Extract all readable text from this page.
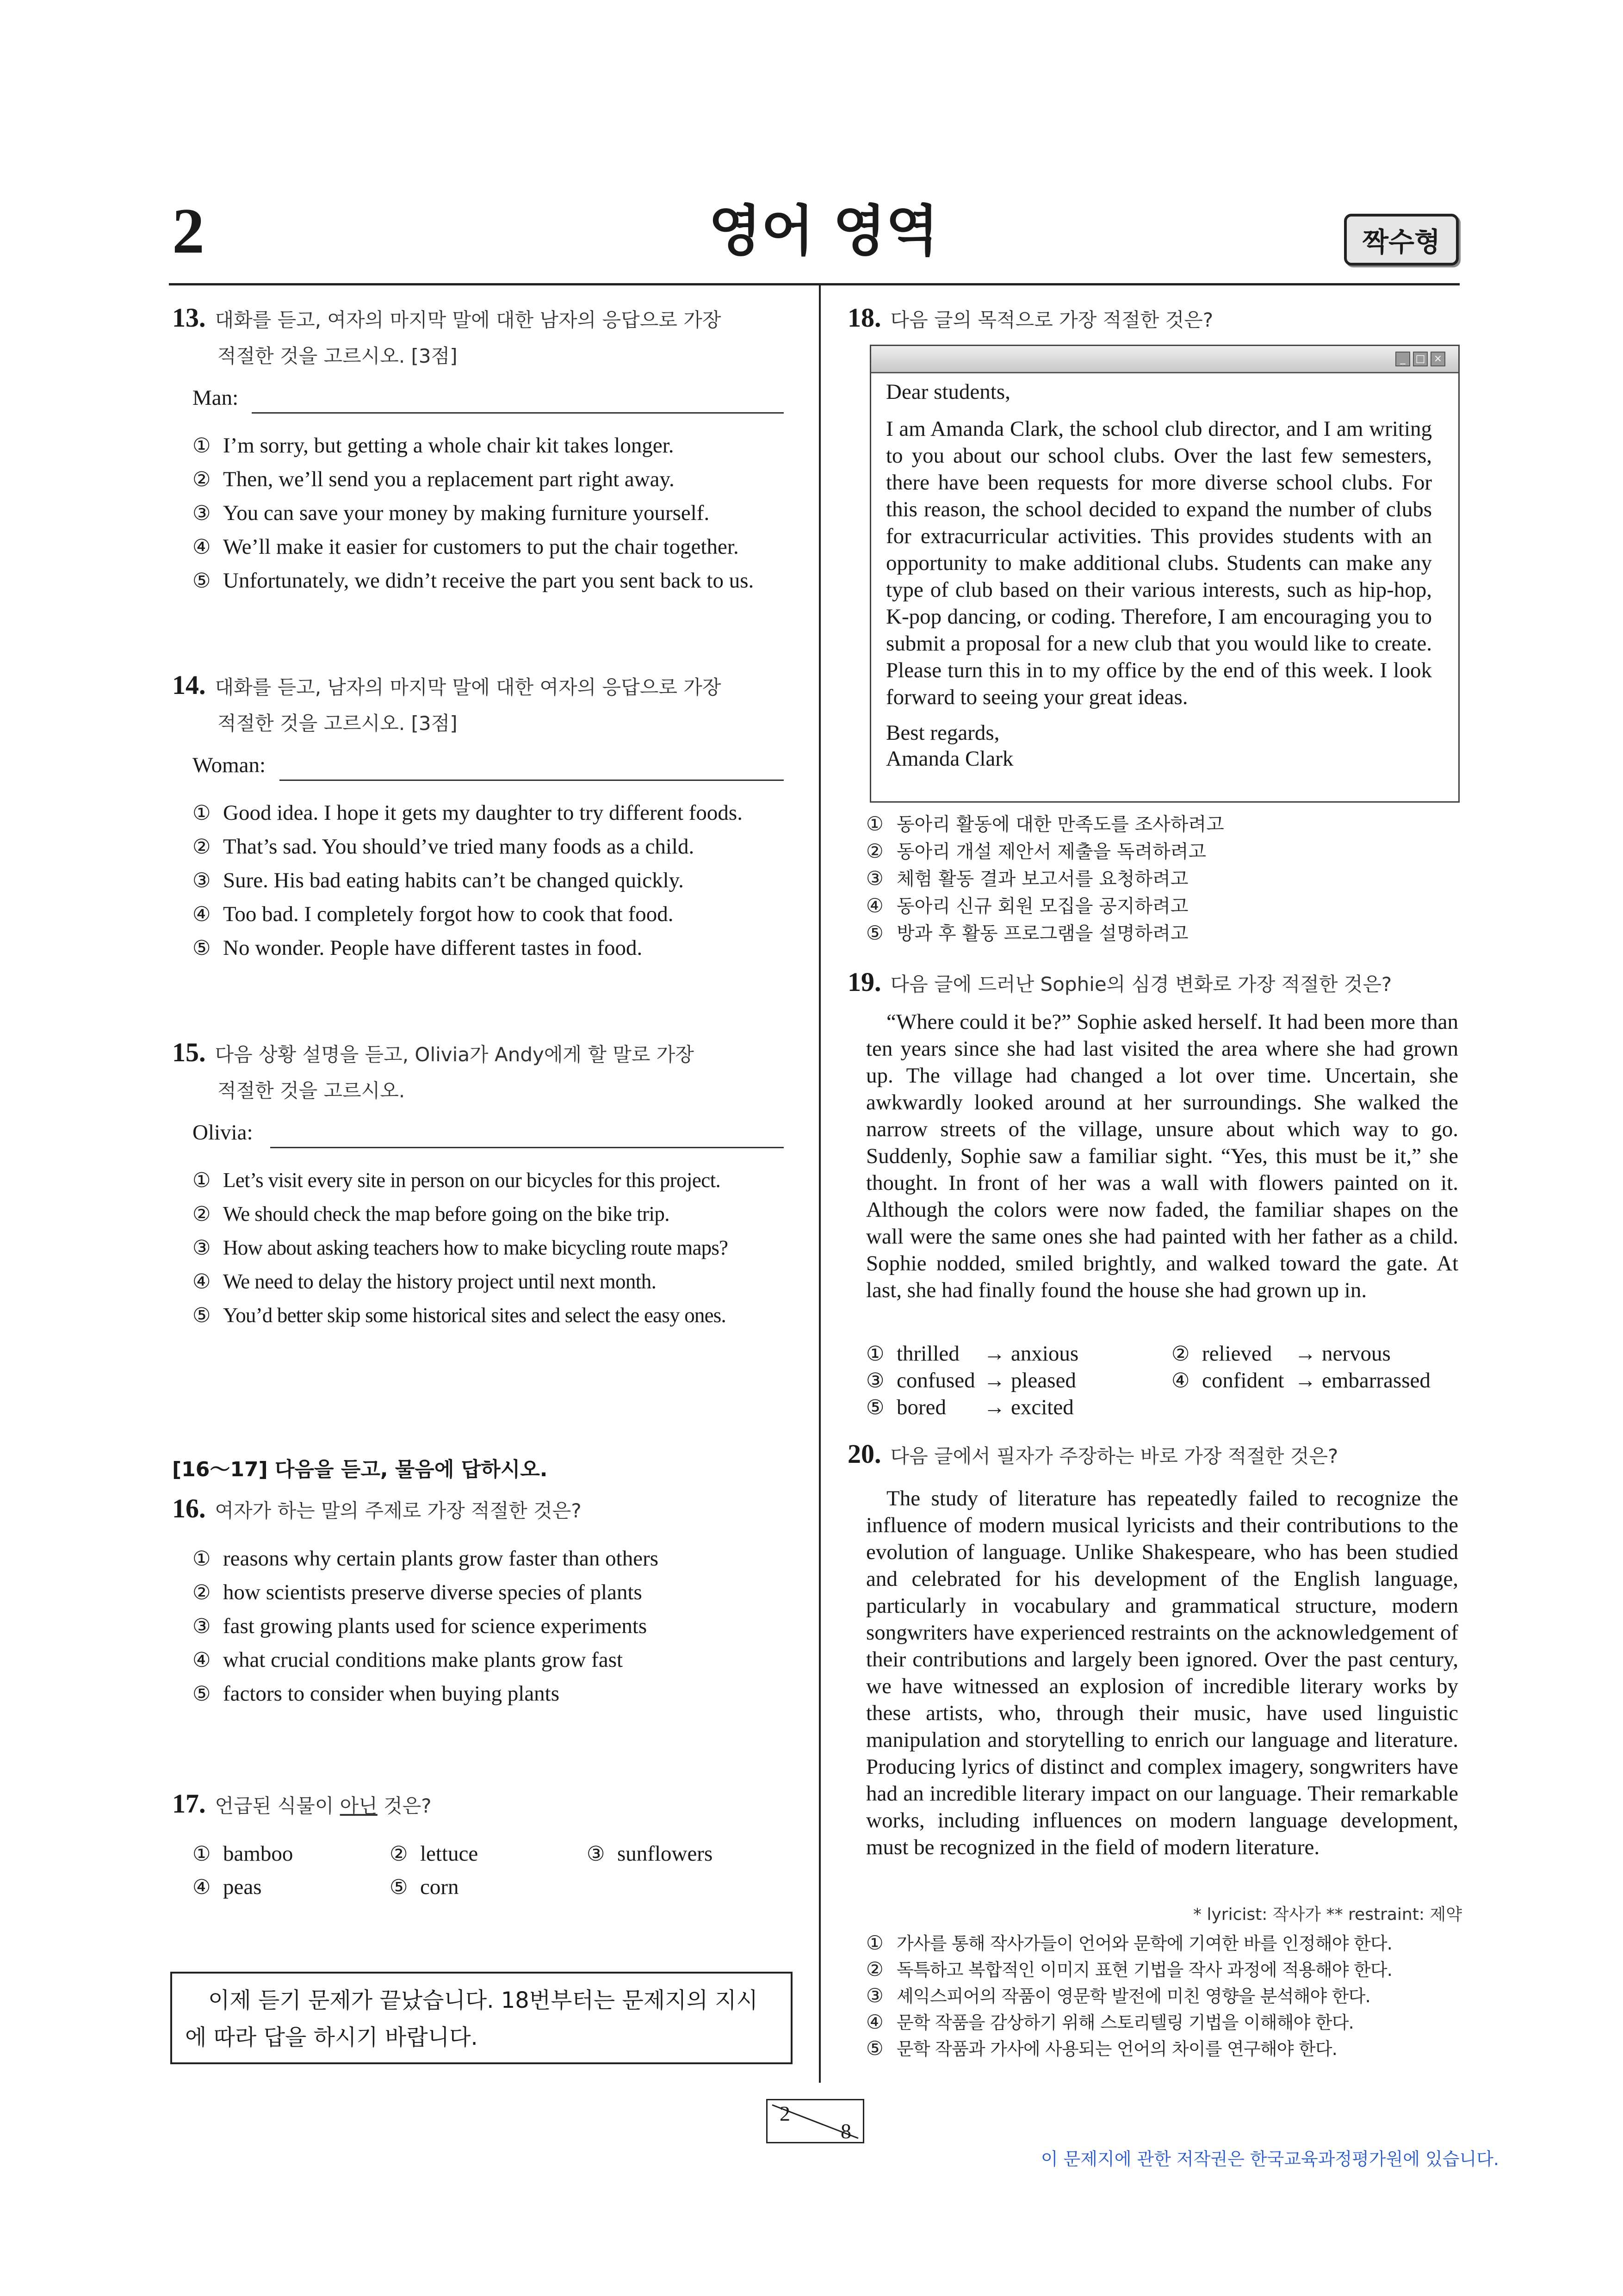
2	영어 영역	짝수형
13. 대화를 듣고, 여자의 마지막 말에 대한 남자의 응답으로 가장
적절한 것을 고르시오. [3점]
Man:
① I’m sorry, but getting a whole chair kit takes longer.
② Then, we’ll send you a replacement part right away.
③ You can save your money by making furniture yourself.
④ We’ll make it easier for customers to put the chair together.
⑤ Unfortunately, we didn’t receive the part you sent back to us.
14. 대화를 듣고, 남자의 마지막 말에 대한 여자의 응답으로 가장
적절한 것을 고르시오. [3점]
Woman:
① Good idea. I hope it gets my daughter to try different foods.
② That’s sad. You should’ve tried many foods as a child.
③ Sure. His bad eating habits can’t be changed quickly.
④ Too bad. I completely forgot how to cook that food.
⑤ No wonder. People have different tastes in food.
15. 다음 상황 설명을 듣고, Olivia가 Andy에게 할 말로 가장
적절한 것을 고르시오.
Olivia:
① Let’s visit every site in person on our bicycles for this project.
② We should check the map before going on the bike trip.
③ How about asking teachers how to make bicycling route maps?
④ We need to delay the history project until next month.
⑤ You’d better skip some historical sites and select the easy ones.
[16～17] 다음을 듣고, 물음에 답하시오.
16. 여자가 하는 말의 주제로 가장 적절한 것은?
① reasons why certain plants grow faster than others
② how scientists preserve diverse species of plants
③ fast growing plants used for science experiments
④ what crucial conditions make plants grow fast
⑤ factors to consider when buying plants
17. 언급된 식물이 아닌 것은?
① bamboo	② lettuce	③ sunflowers
④ peas	⑤ corn
이제 듣기 문제가 끝났습니다. 18번부터는 문제지의 지시에 따라 답을 하시기 바랍니다.
18. 다음 글의 목적으로 가장 적절한 것은?
_	□ ×
Dear students,
I am Amanda Clark, the school club director, and I am writing to you about our school clubs. Over the last few semesters, there have been requests for more diverse school clubs. For this reason, the school decided to expand the number of clubs for extracurricular activities. This provides students with an opportunity to make additional clubs. Students can make any type of club based on their various interests, such as hip-hop, K-pop dancing, or coding. Therefore, I am encouraging you to submit a proposal for a new club that you would like to create. Please turn this in to my office by the end of this week. I look forward to seeing your great ideas.
Best regards,
Amanda Clark
① 동아리 활동에 대한 만족도를 조사하려고
② 동아리 개설 제안서 제출을 독려하려고
③ 체험 활동 결과 보고서를 요청하려고
④ 동아리 신규 회원 모집을 공지하려고
⑤ 방과 후 활동 프로그램을 설명하려고
19. 다음 글에 드러난 Sophie의 심경 변화로 가장 적절한 것은?
“Where could it be?” Sophie asked herself. It had been more than ten years since she had last visited the area where she had grown up. The village had changed a lot over time. Uncertain, she awkwardly looked around at her surroundings. She walked the narrow streets of the village, unsure about which way to go. Suddenly, Sophie saw a familiar sight. “Yes, this must be it,” she thought. In front of her was a wall with flowers painted on it. Although the colors were now faded, the familiar shapes on the wall were the same ones she had painted with her father as a child. Sophie nodded, smiled brightly, and walked toward the gate. At last, she had finally found the house she had grown up in.
① thrilled → anxious	② relieved → nervous
③ confused → pleased	④ confident → embarrassed
⑤ bored → excited
20. 다음 글에서 필자가 주장하는 바로 가장 적절한 것은?
The study of literature has repeatedly failed to recognize the influence of modern musical lyricists and their contributions to the evolution of language. Unlike Shakespeare, who has been studied and celebrated for his development of the English language, particularly in vocabulary and grammatical structure, modern songwriters have experienced restraints on the acknowledgement of their contributions and largely been ignored. Over the past century, we have witnessed an explosion of incredible literary works by these artists, who, through their music, have used linguistic manipulation and storytelling to enrich our language and literature. Producing lyrics of distinct and complex imagery, songwriters have had an incredible literary impact on our language. Their remarkable works, including influences on modern language development, must be recognized in the field of modern literature.
* lyricist: 작사가 ** restraint: 제약
① 가사를 통해 작사가들이 언어와 문학에 기여한 바를 인정해야 한다.
② 독특하고 복합적인 이미지 표현 기법을 작사 과정에 적용해야 한다.
③ 셰익스피어의 작품이 영문학 발전에 미친 영향을 분석해야 한다.
④ 문학 작품을 감상하기 위해 스토리텔링 기법을 이해해야 한다.
⑤ 문학 작품과 가사에 사용되는 언어의 차이를 연구해야 한다.
2
8
이 문제지에 관한 저작권은 한국교육과정평가원에 있습니다.
